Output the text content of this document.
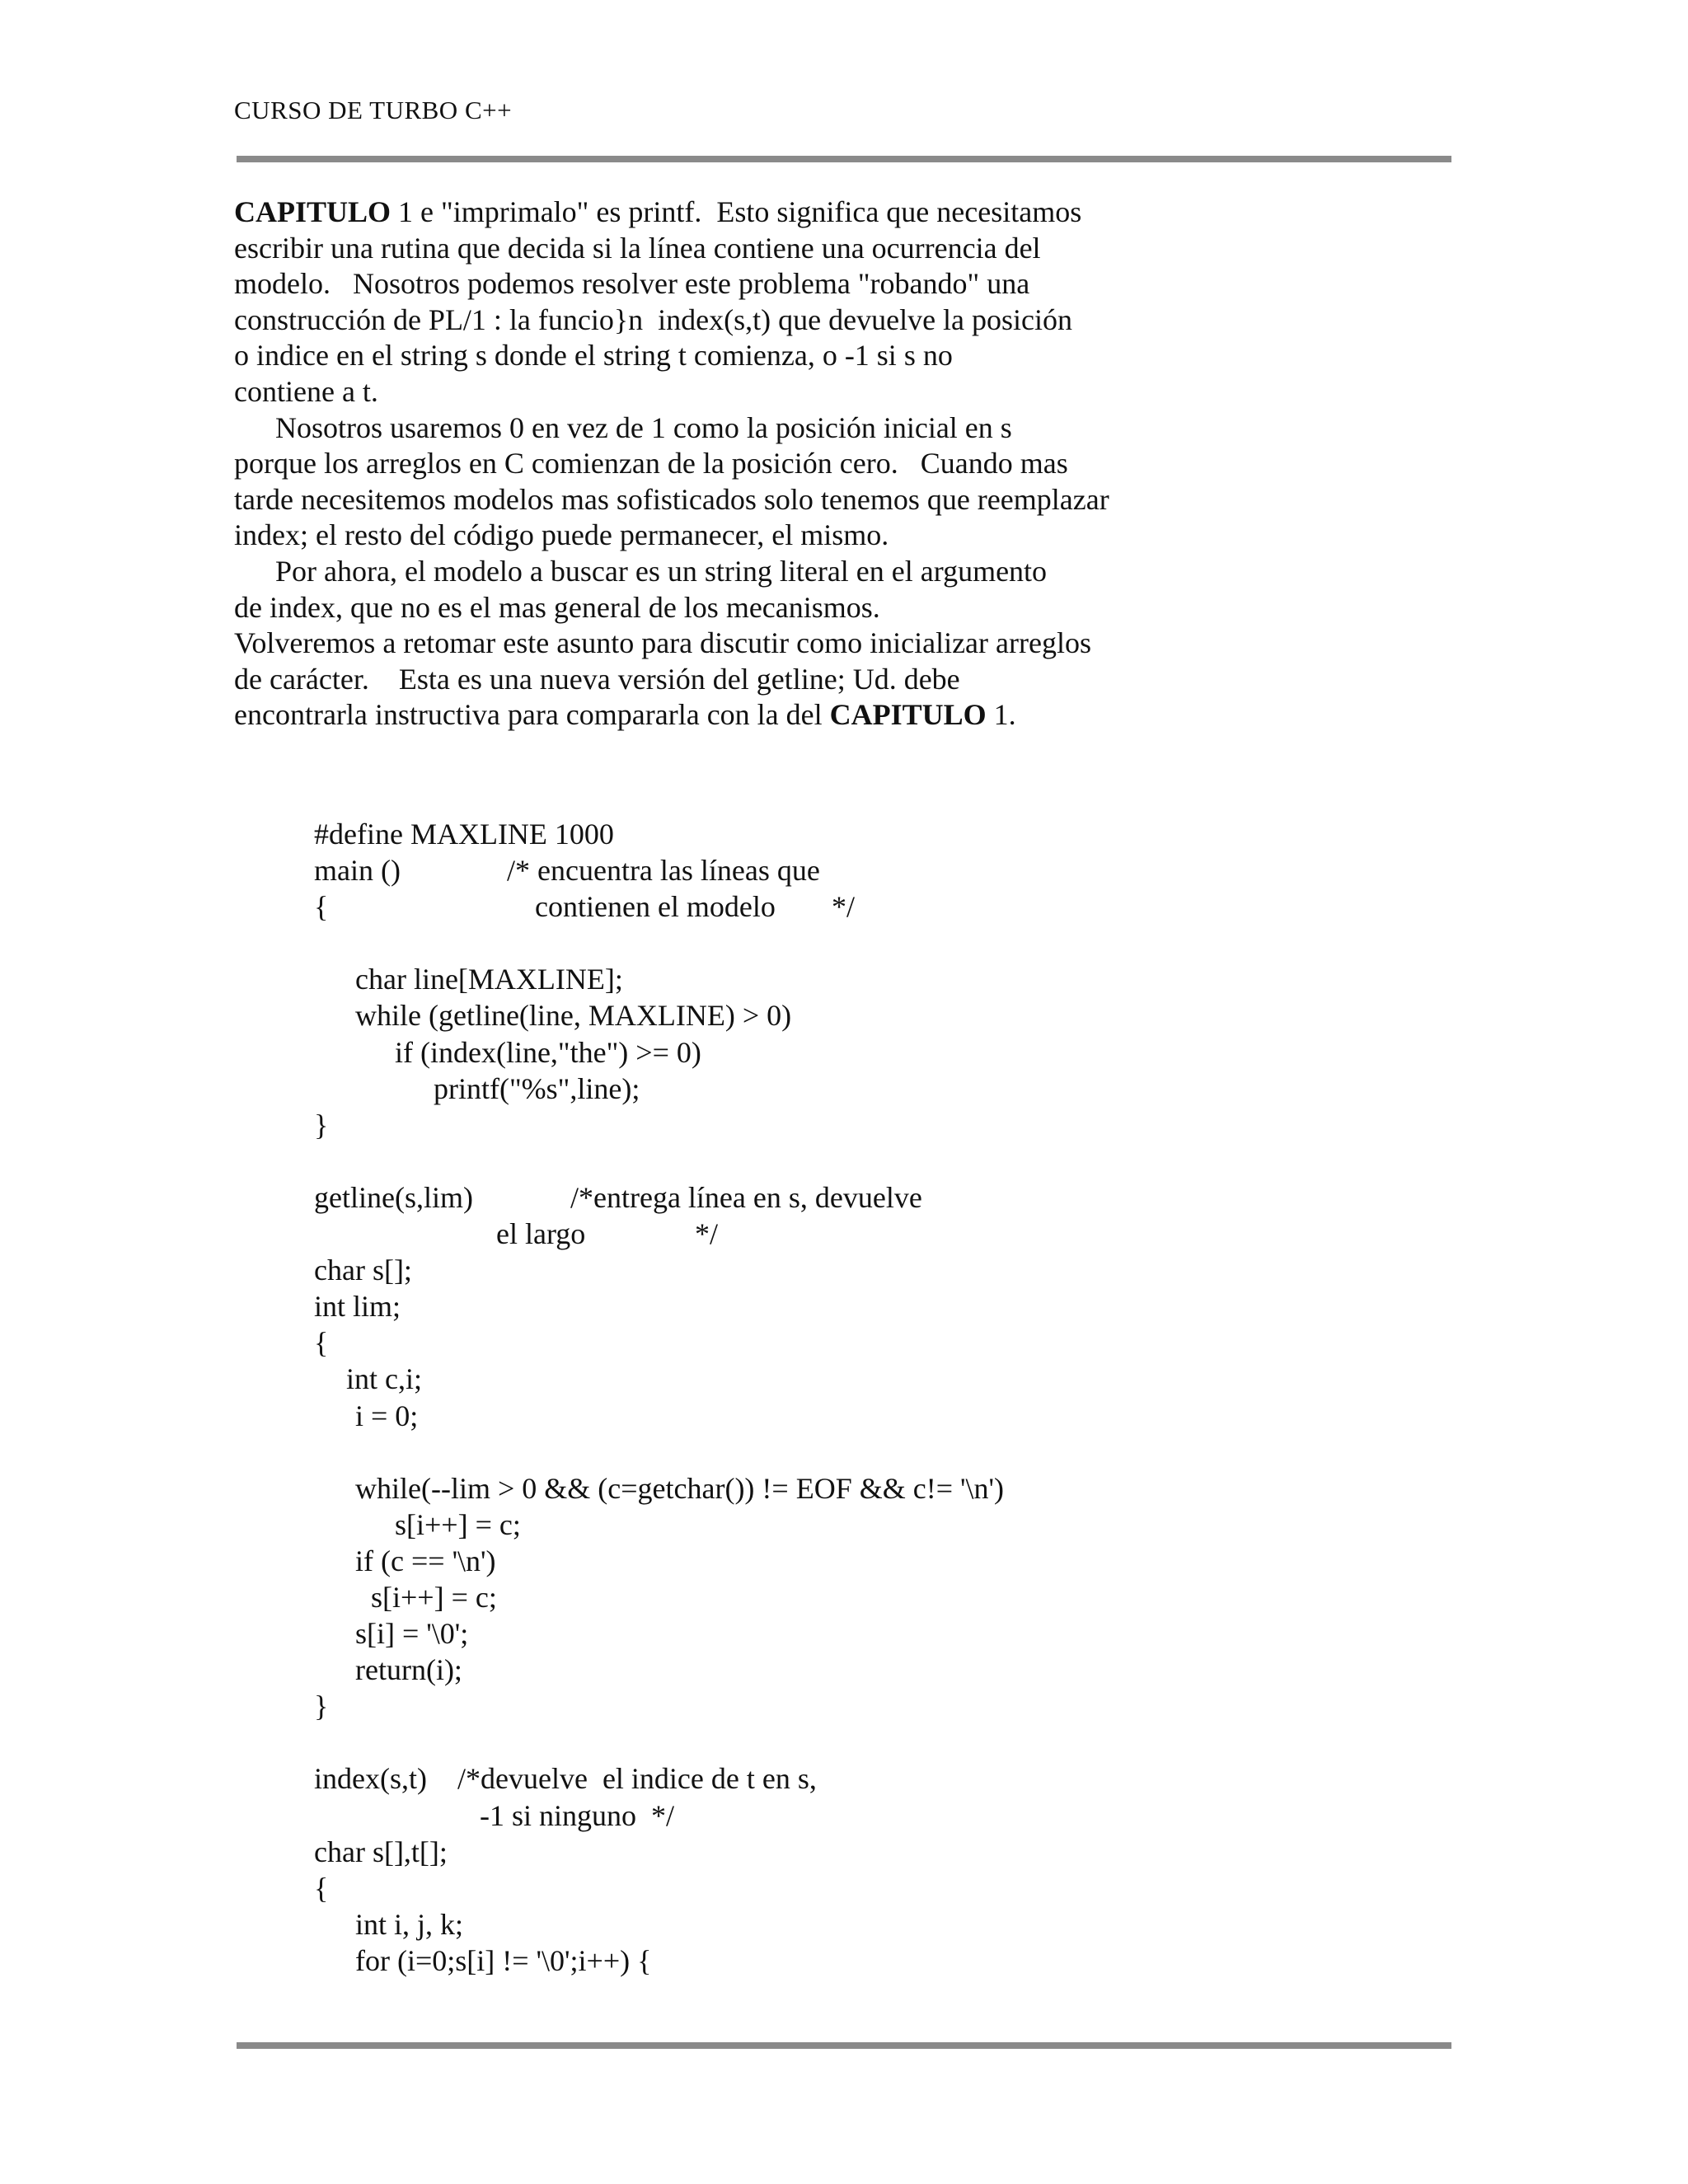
CURSO DE TURBO C++
CAPITULO 1 e "imprimalo" es printf.  Esto significa que necesitamos
escribir una rutina que decida si la línea contiene una ocurrencia del
modelo.   Nosotros podemos resolver este problema "robando" una
construcción de PL/1 : la funcio}n  index(s,t) que devuelve la posición
o indice en el string s donde el string t comienza, o -1 si s no
contiene a t.
Nosotros usaremos 0 en vez de 1 como la posición inicial en s
porque los arreglos en C comienzan de la posición cero.   Cuando mas
tarde necesitemos modelos mas sofisticados solo tenemos que reemplazar
index; el resto del código puede permanecer, el mismo.
Por ahora, el modelo a buscar es un string literal en el argumento
de index, que no es el mas general de los mecanismos.
Volveremos a retomar este asunto para discutir como inicializar arreglos
de carácter.    Esta es una nueva versión del getline; Ud. debe
encontrarla instructiva para compararla con la del CAPITULO 1.
#define MAXLINE 1000
main ()	/* encuentra las líneas que
{	contienen el modelo */
char line[MAXLINE];
while (getline(line, MAXLINE) > 0)
if (index(line,"the") >= 0)
printf("%s",line);
}
getline(s,lim)	/*entrega línea en s, devuelve
el largo	*/
char s[];
int lim;
{
int c,i;
i = 0;
while(--lim > 0 && (c=getchar()) != EOF && c!= '\n')
s[i++] = c;
if (c == '\n')
s[i++] = c;
s[i] = '\0';
return(i);
}
index(s,t) /*devuelve  el indice de t en s,
-1 si ninguno  */
char s[],t[];
{
int i, j, k;
for (i=0;s[i] != '\0';i++) {
